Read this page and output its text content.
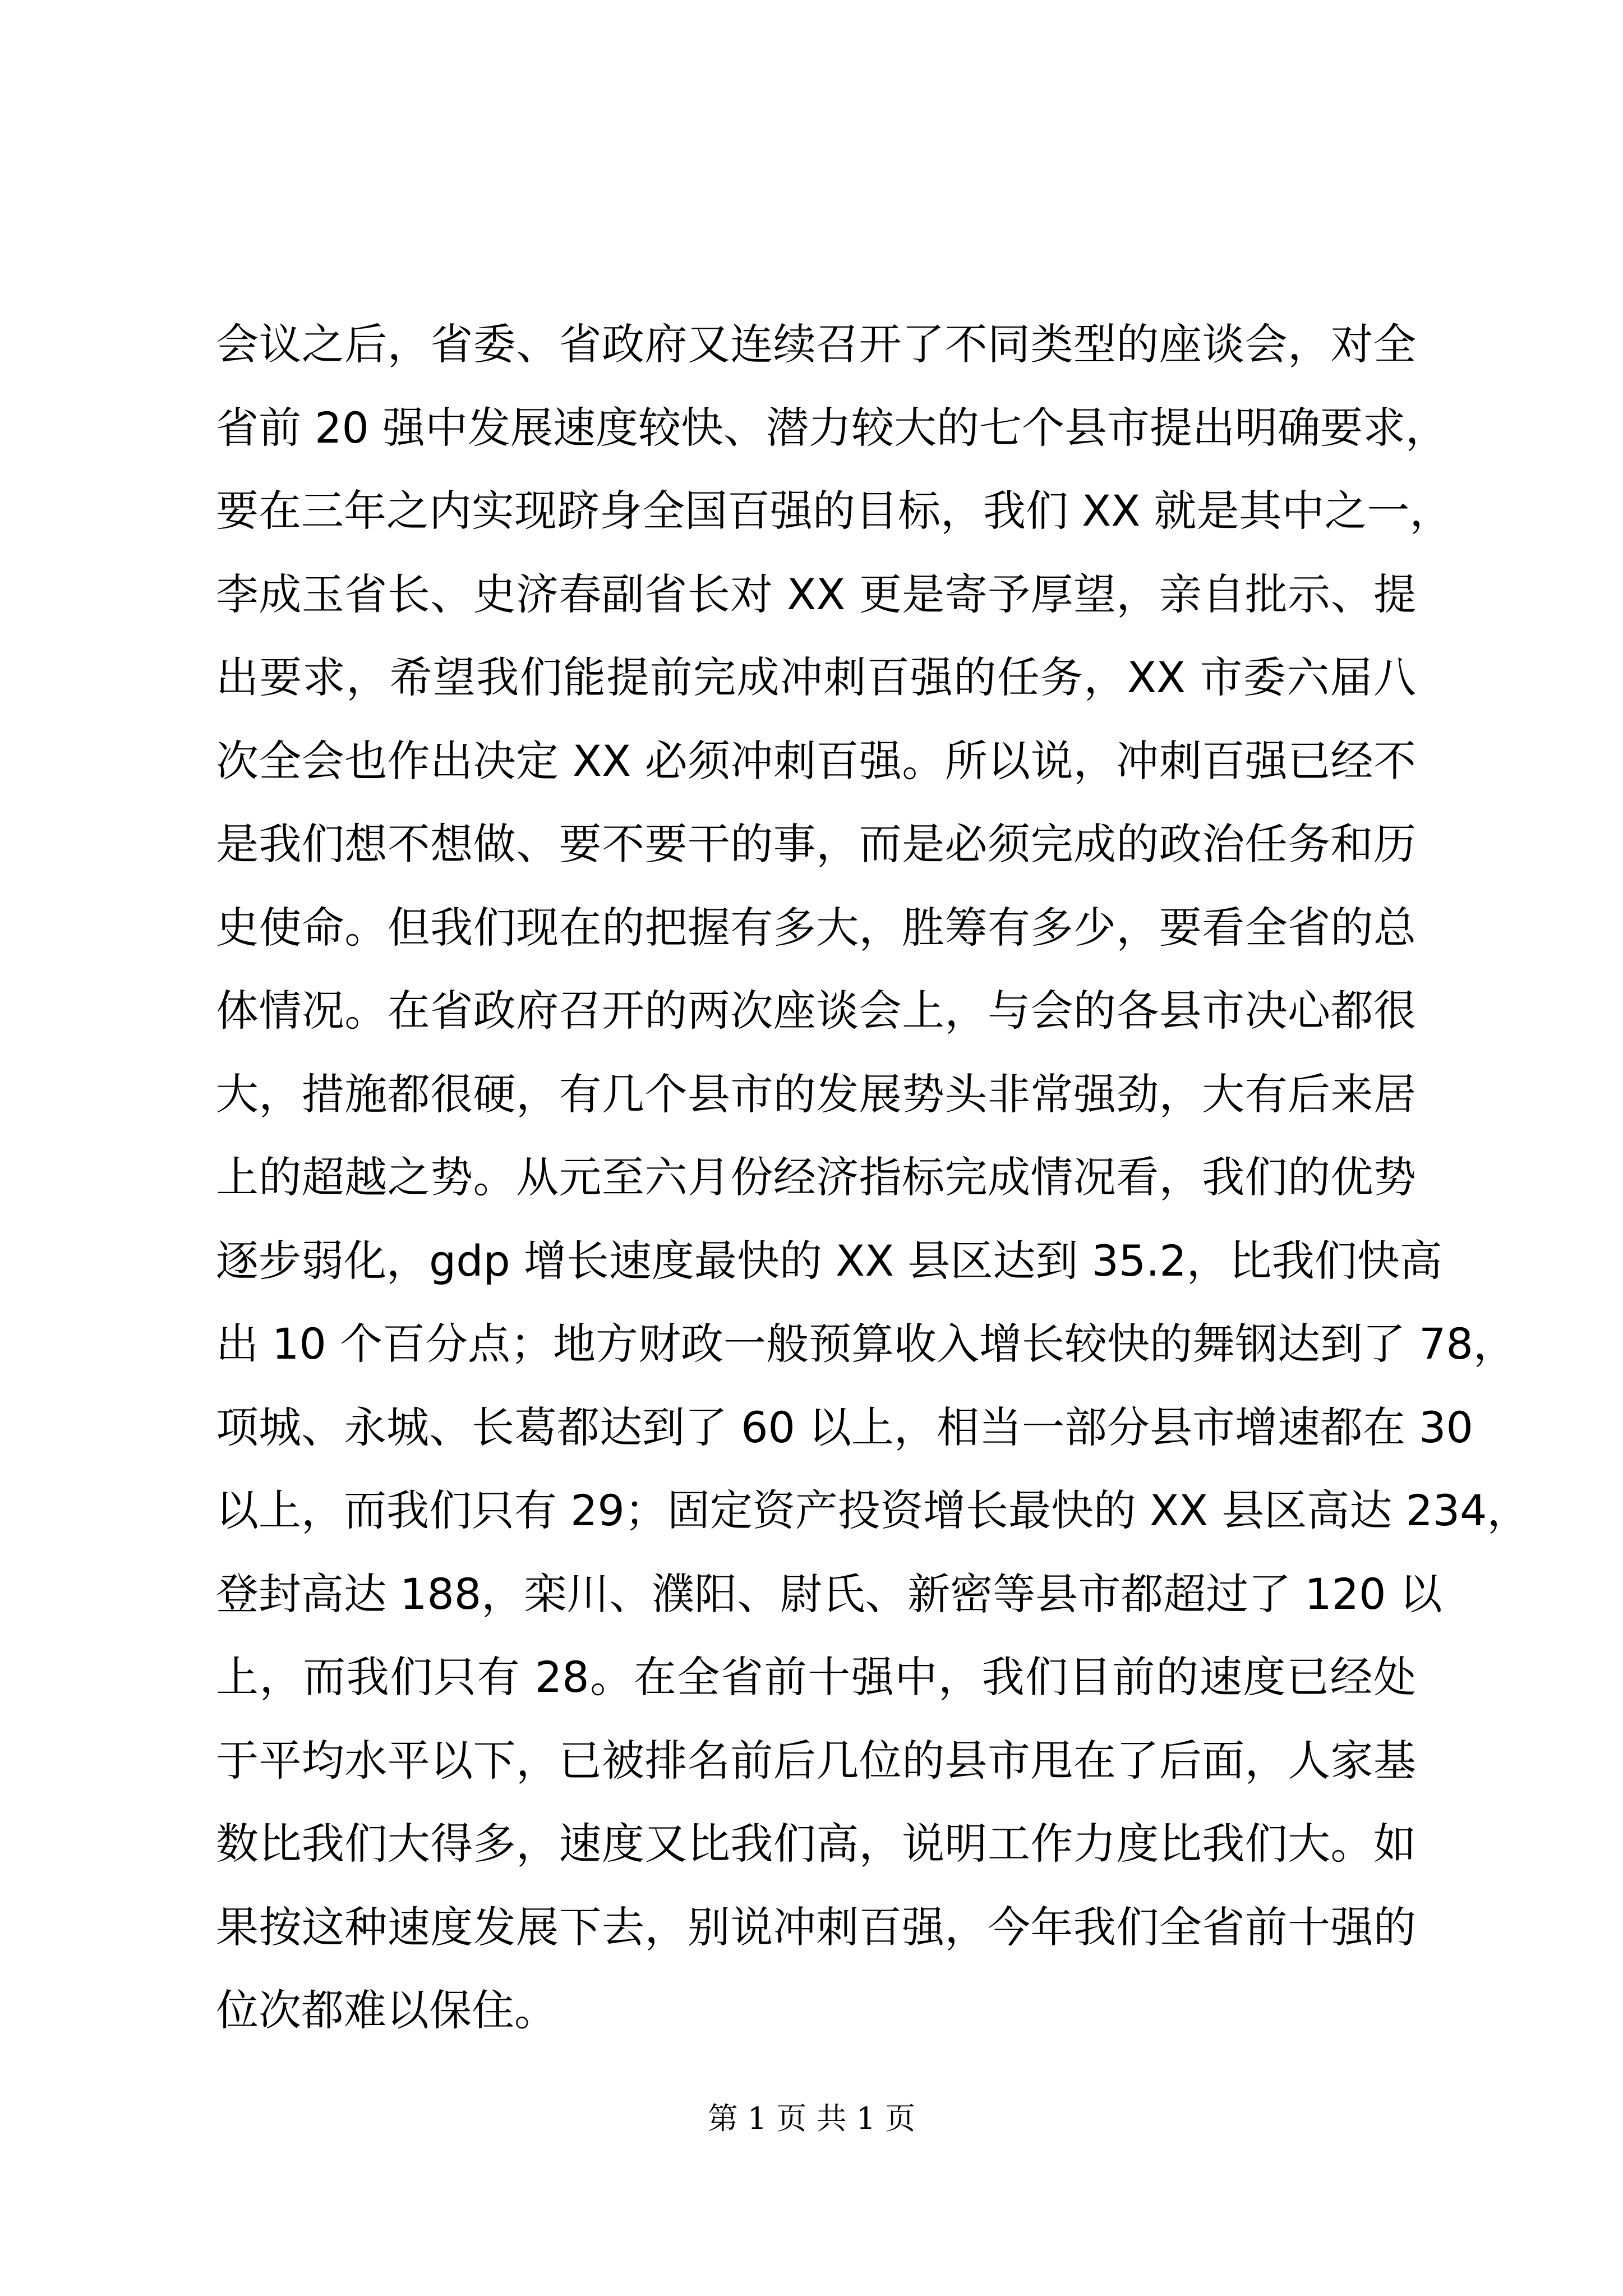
会议之后，省委、省政府又连续召开了不同类型的座谈会，对全
省前 20 强中发展速度较快、潜力较大的七个县市提出明确要求，
要在三年之内实现跻身全国百强的目标，我们 XX 就是其中之一，
李成玉省长、史济春副省长对 XX 更是寄予厚望，亲自批示、提
出要求，希望我们能提前完成冲刺百强的任务，XX 市委六届八
次全会也作出决定 XX 必须冲刺百强。所以说，冲刺百强已经不
是我们想不想做、要不要干的事，而是必须完成的政治任务和历
史使命。但我们现在的把握有多大，胜筹有多少，要看全省的总
体情况。在省政府召开的两次座谈会上，与会的各县市决心都很
大，措施都很硬，有几个县市的发展势头非常强劲，大有后来居
上的超越之势。从元至六月份经济指标完成情况看，我们的优势
逐步弱化，gdp 增长速度最快的 XX 县区达到 35.2，比我们快高
出 10 个百分点；地方财政一般预算收入增长较快的舞钢达到了 78，
项城、永城、长葛都达到了 60 以上，相当一部分县市增速都在 30
以上，而我们只有 29；固定资产投资增长最快的 XX 县区高达 234，
登封高达 188，栾川、濮阳、尉氏、新密等县市都超过了 120 以
上，而我们只有 28。在全省前十强中，我们目前的速度已经处
于平均水平以下，已被排名前后几位的县市甩在了后面，人家基
数比我们大得多，速度又比我们高，说明工作力度比我们大。如
果按这种速度发展下去，别说冲刺百强，今年我们全省前十强的
位次都难以保住。
第 1 页 共 1 页
